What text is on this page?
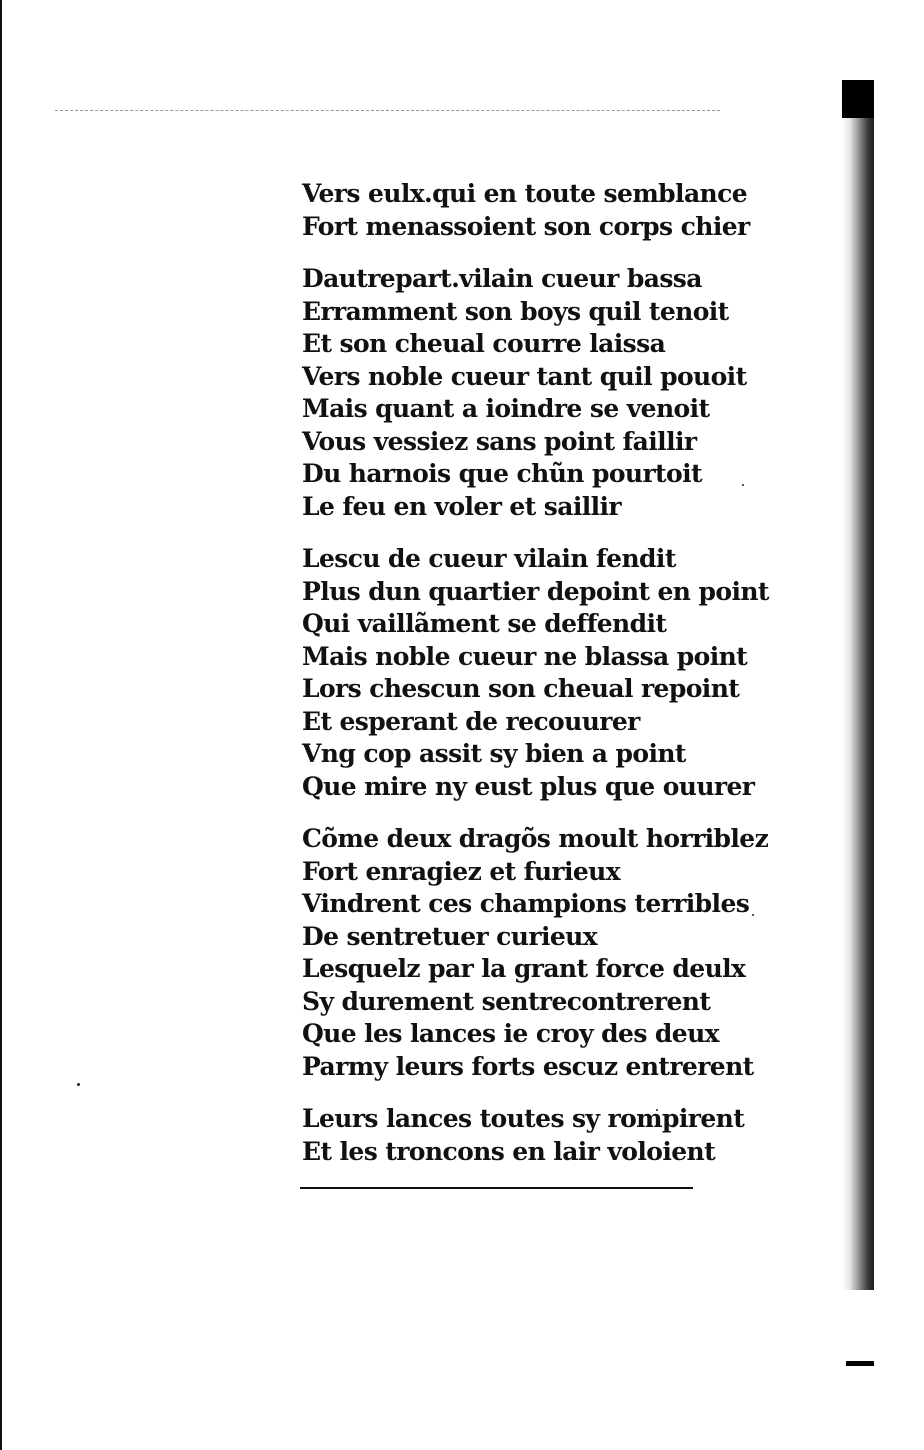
Vers eulx.qui en toute semblance
Fort menassoient son corps chier
Dautrepart.vilain cueur bassa
Erramment son boys quil tenoit
Et son cheual courre laissa
Vers noble cueur tant quil pouoit
Mais quant a ioindre se venoit
Vous vessiez sans point faillir
Du harnois que chũn pourtoit
Le feu en voler et saillir
Lescu de cueur vilain fendit
Plus dun quartier depoint en point
Qui vaillãment se deffendit
Mais noble cueur ne blassa point
Lors chescun son cheual repoint
Et esperant de recouurer
Vng cop assit sy bien a point
Que mire ny eust plus que ouurer
Cõme deux dragõs moult horriblez
Fort enragiez et furieux
Vindrent ces champions terribles
De sentretuer curieux
Lesquelz par la grant force deulx
Sy durement sentrecontrerent
Que les lances ie croy des deux
Parmy leurs forts escuz entrerent
Leurs lances toutes sy rompirent
Et les troncons en lair voloient
